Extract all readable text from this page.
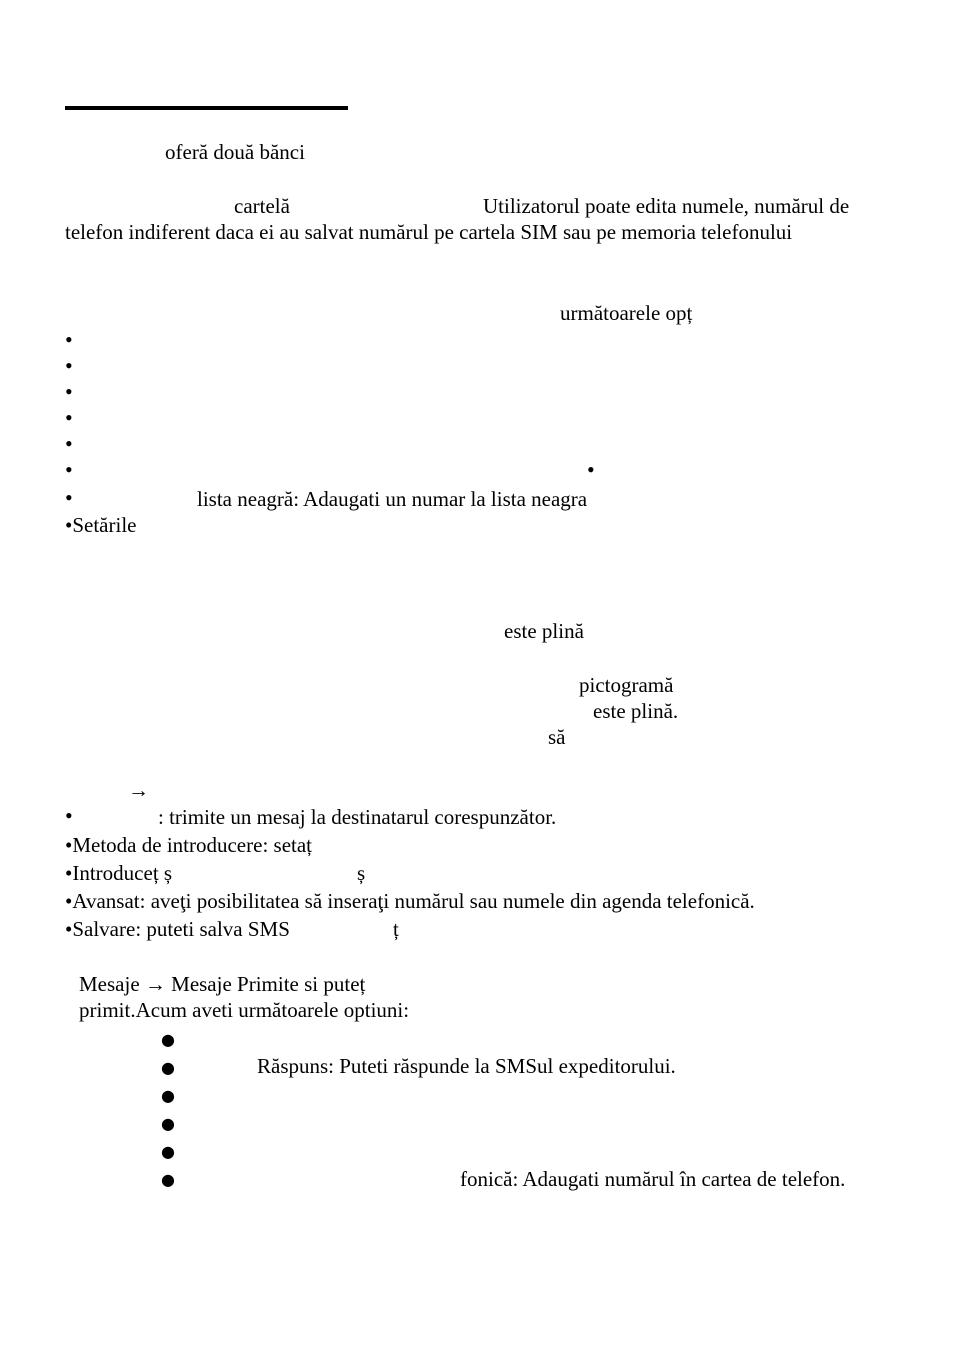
oferă două bănci
cartelă	Utilizatorul poate edita numele, numărul de
telefon indiferent daca ei au salvat numărul pe cartela SIM sau pe memoria telefonului
următoarele opț
•
•
•
•
•
•	•
•	lista neagră: Adaugati un numar la lista neagra
•Setările
este plină
pictogramă
este plină.
să
→
•	: trimite un mesaj la destinatarul corespunzător.
•Metoda de introducere: setaț
•Introduceț ș	ș
•Avansat: aveţi posibilitatea să inseraţi numărul sau numele din agenda telefonică.
•Salvare: puteti salva SMS	ț
Mesaje → Mesaje Primite si puteț
primit.Acum aveti următoarele optiuni:
●
●	Răspuns: Puteti răspunde la SMSul expeditorului.
●
●
●
●	fonică: Adaugati numărul în cartea de telefon.
